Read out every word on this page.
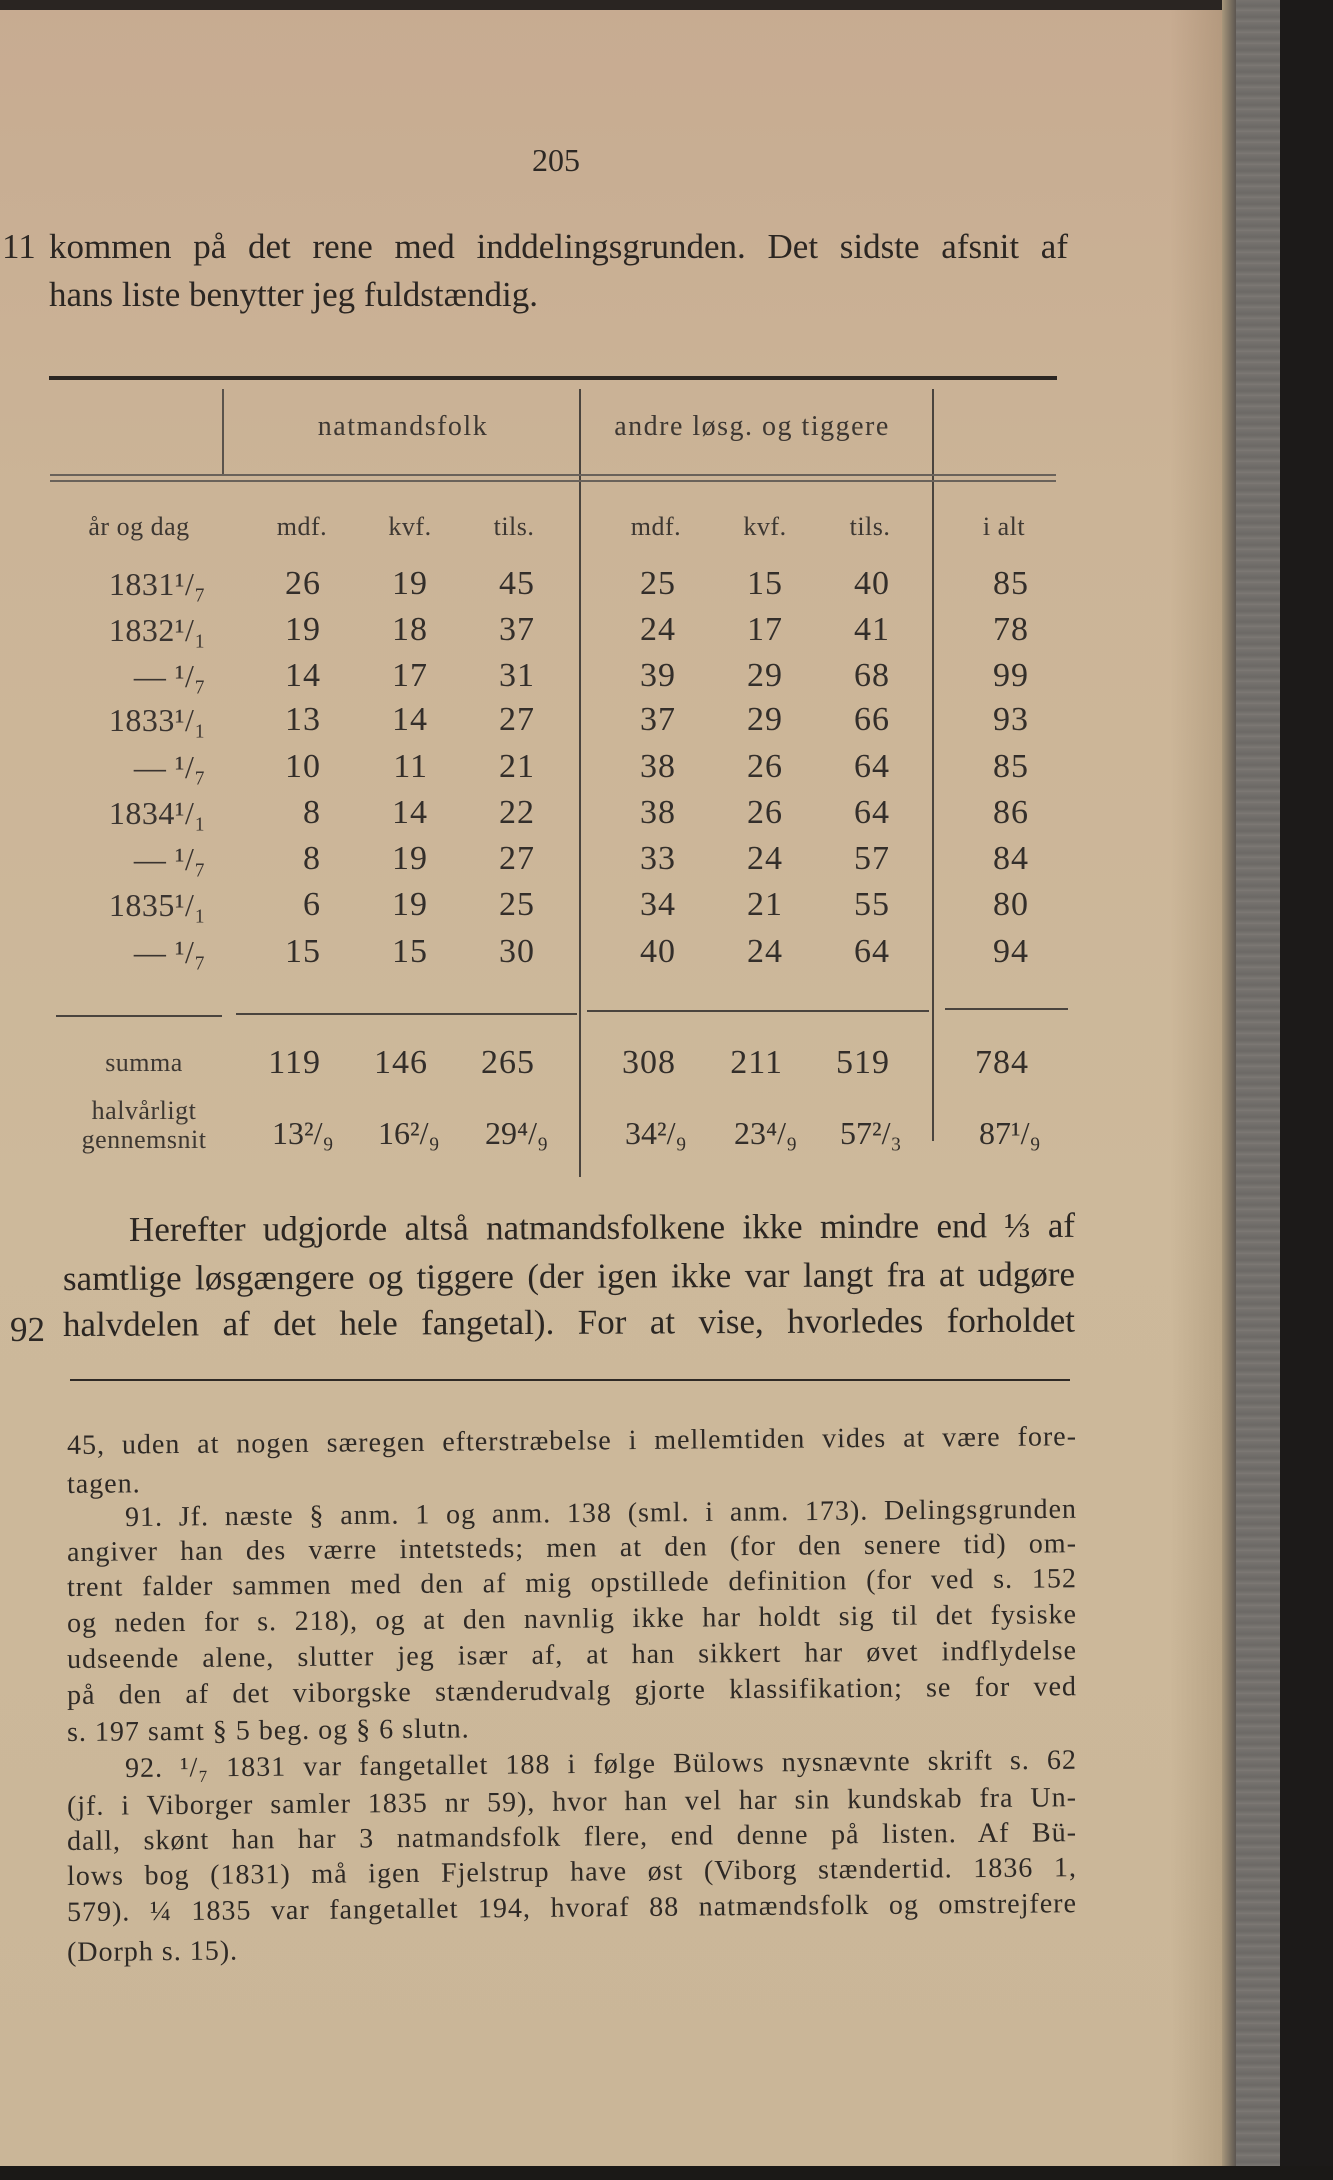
205
11 kommen på det rene med inddelingsgrunden. Det sidste afsnit af
hans liste benytter jeg fuldstændig.
natmandsfolk	andre løsg. og tiggere
år og dag	mdf.	kvf.	tils.	mdf.	kvf.	tils.	i alt
1831¹/₇	26	19	45	25	15	40	85
1832¹/₁	19	18	37	24	17	41	78
— ¹/₇	14	17	31	39	29	68	99
1833¹/₁	13	14	27	37	29	66	93
— ¹/₇	10	11	21	38	26	64	85
1834¹/₁	8	14	22	38	26	64	86
— ¹/₇	8	19	27	33	24	57	84
1835¹/₁	6	19	25	34	21	55	80
— ¹/₇	15	15	30	40	24	64	94
summa	119	146	265	308	211	519	784
halvårligt
gennemsnit	13²/₉ 16²/₉ 29⁴/₉ 34²/₉ 23⁴/₉ 57²/₃ 87¹/₉
Herefter udgjorde altså natmandsfolkene ikke mindre end ⅓ af
samtlige løsgængere og tiggere (der igen ikke var langt fra at udgøre
92 halvdelen af det hele fangetal). For at vise, hvorledes forholdet
45, uden at nogen særegen efterstræbelse i mellemtiden vides at være fore-
tagen.
91. Jf. næste § anm. 1 og anm. 138 (sml. i anm. 173). Delingsgrunden
angiver han des værre intetsteds; men at den (for den senere tid) om-
trent falder sammen med den af mig opstillede definition (for ved s. 152
og neden for s. 218), og at den navnlig ikke har holdt sig til det fysiske
udseende alene, slutter jeg især af, at han sikkert har øvet indflydelse
på den af det viborgske stænderudvalg gjorte klassifikation; se for ved
s. 197 samt § 5 beg. og § 6 slutn.
92. ¹/₇ 1831 var fangetallet 188 i følge Bülows nysnævnte skrift s. 62
(jf. i Viborger samler 1835 nr 59), hvor han vel har sin kundskab fra Un-
dall, skønt han har 3 natmandsfolk flere, end denne på listen. Af Bü-
lows bog (1831) må igen Fjelstrup have øst (Viborg stændertid. 1836 1,
579). ¼ 1835 var fangetallet 194, hvoraf 88 natmændsfolk og omstrejfere
(Dorph s. 15).
